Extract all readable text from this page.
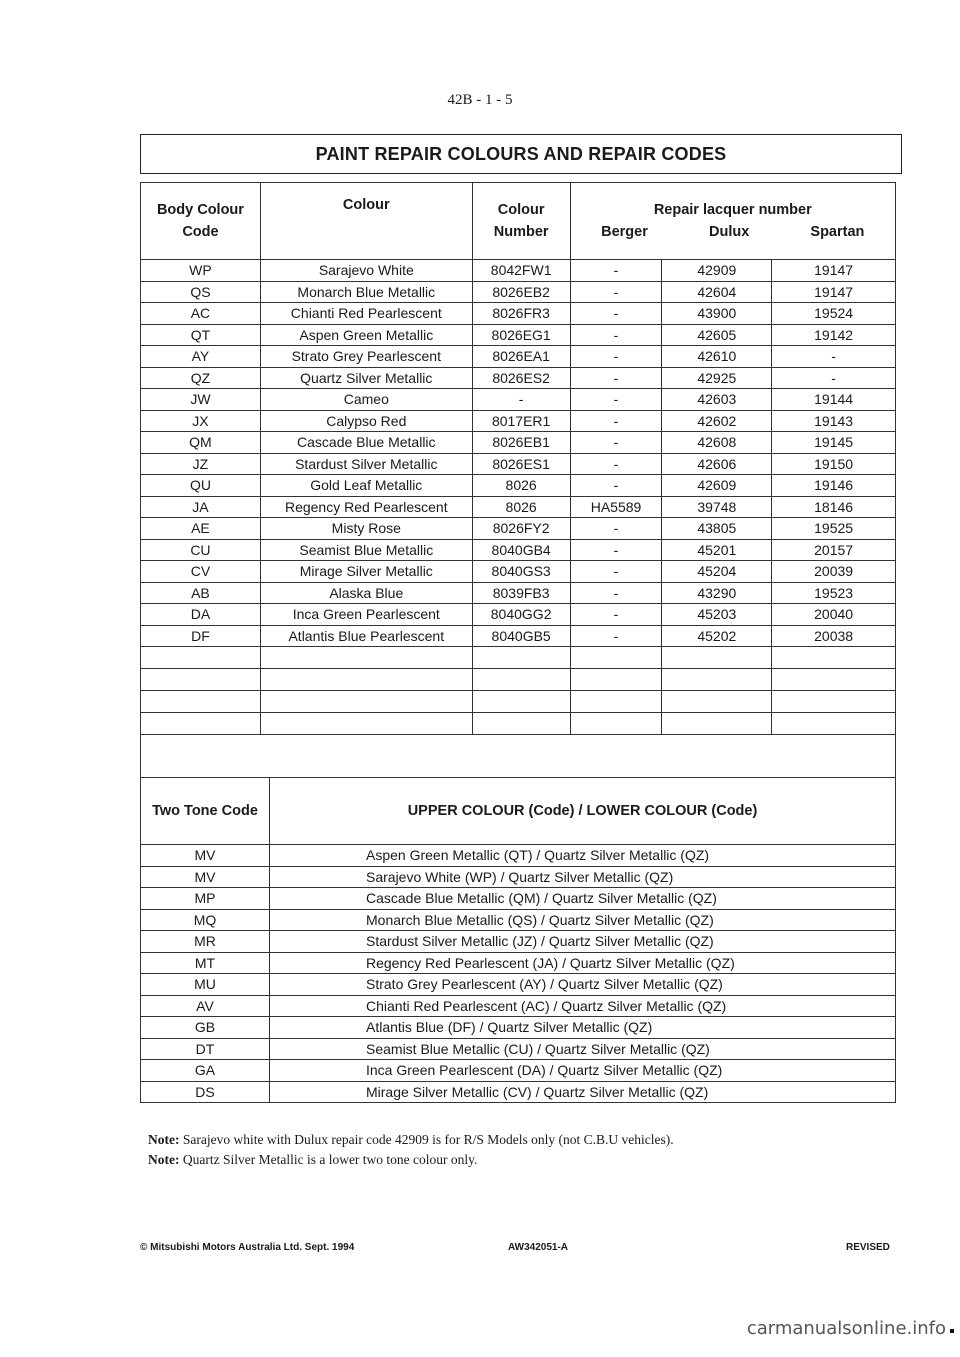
42B - 1 - 5
PAINT REPAIR COLOURS AND REPAIR CODES
Body Colour
Code	Colour	Colour
Number	Repair lacquer number
Berger Dulux Spartan		

WP	Sarajevo White	8042FW1	-	42909	19147
QS	Monarch Blue Metallic	8026EB2	-	42604	19147
AC	Chianti Red Pearlescent	8026FR3	-	43900	19524
QT	Aspen Green Metallic	8026EG1	-	42605	19142
AY	Strato Grey Pearlescent	8026EA1	-	42610	-
QZ	Quartz Silver Metallic	8026ES2	-	42925	-
JW	Cameo	-	-	42603	19144
JX	Calypso Red	8017ER1	-	42602	19143
QM	Cascade Blue Metallic	8026EB1	-	42608	19145
JZ	Stardust Silver Metallic	8026ES1	-	42606	19150
QU	Gold Leaf Metallic	8026	-	42609	19146
JA	Regency Red Pearlescent	8026	HA5589	39748	18146
AE	Misty Rose	8026FY2	-	43805	19525
CU	Seamist Blue Metallic	8040GB4	-	45201	20157
CV	Mirage Silver Metallic	8040GS3	-	45204	20039
AB	Alaska Blue	8039FB3	-	43290	19523
DA	Inca Green Pearlescent	8040GG2	-	45203	20040
DF	Atlantis Blue Pearlescent	8040GB5	-	45202	20038

Two Tone Code	UPPER COLOUR (Code) / LOWER COLOUR (Code)
MV	Aspen Green Metallic (QT) / Quartz Silver Metallic (QZ)
MV	Sarajevo White (WP) / Quartz Silver Metallic (QZ)
MP	Cascade Blue Metallic (QM) / Quartz Silver Metallic (QZ)
MQ	Monarch Blue Metallic (QS) / Quartz Silver Metallic (QZ)
MR	Stardust Silver Metallic (JZ) / Quartz Silver Metallic (QZ)
MT	Regency Red Pearlescent (JA) / Quartz Silver Metallic (QZ)
MU	Strato Grey Pearlescent (AY) / Quartz Silver Metallic (QZ)
AV	Chianti Red Pearlescent (AC) / Quartz Silver Metallic (QZ)
GB	Atlantis Blue (DF) / Quartz Silver Metallic (QZ)
DT	Seamist Blue Metallic (CU) / Quartz Silver Metallic (QZ)
GA	Inca Green Pearlescent (DA) / Quartz Silver Metallic (QZ)
DS	Mirage Silver Metallic (CV) / Quartz Silver Metallic (QZ)
Note: Sarajevo white with Dulux repair code 42909 is for R/S Models only (not C.B.U vehicles).
Note: Quartz Silver Metallic is a lower two tone colour only.
© Mitsubishi Motors Australia Ltd. Sept. 1994	AW342051-A	REVISED
carmanualsonline.info
